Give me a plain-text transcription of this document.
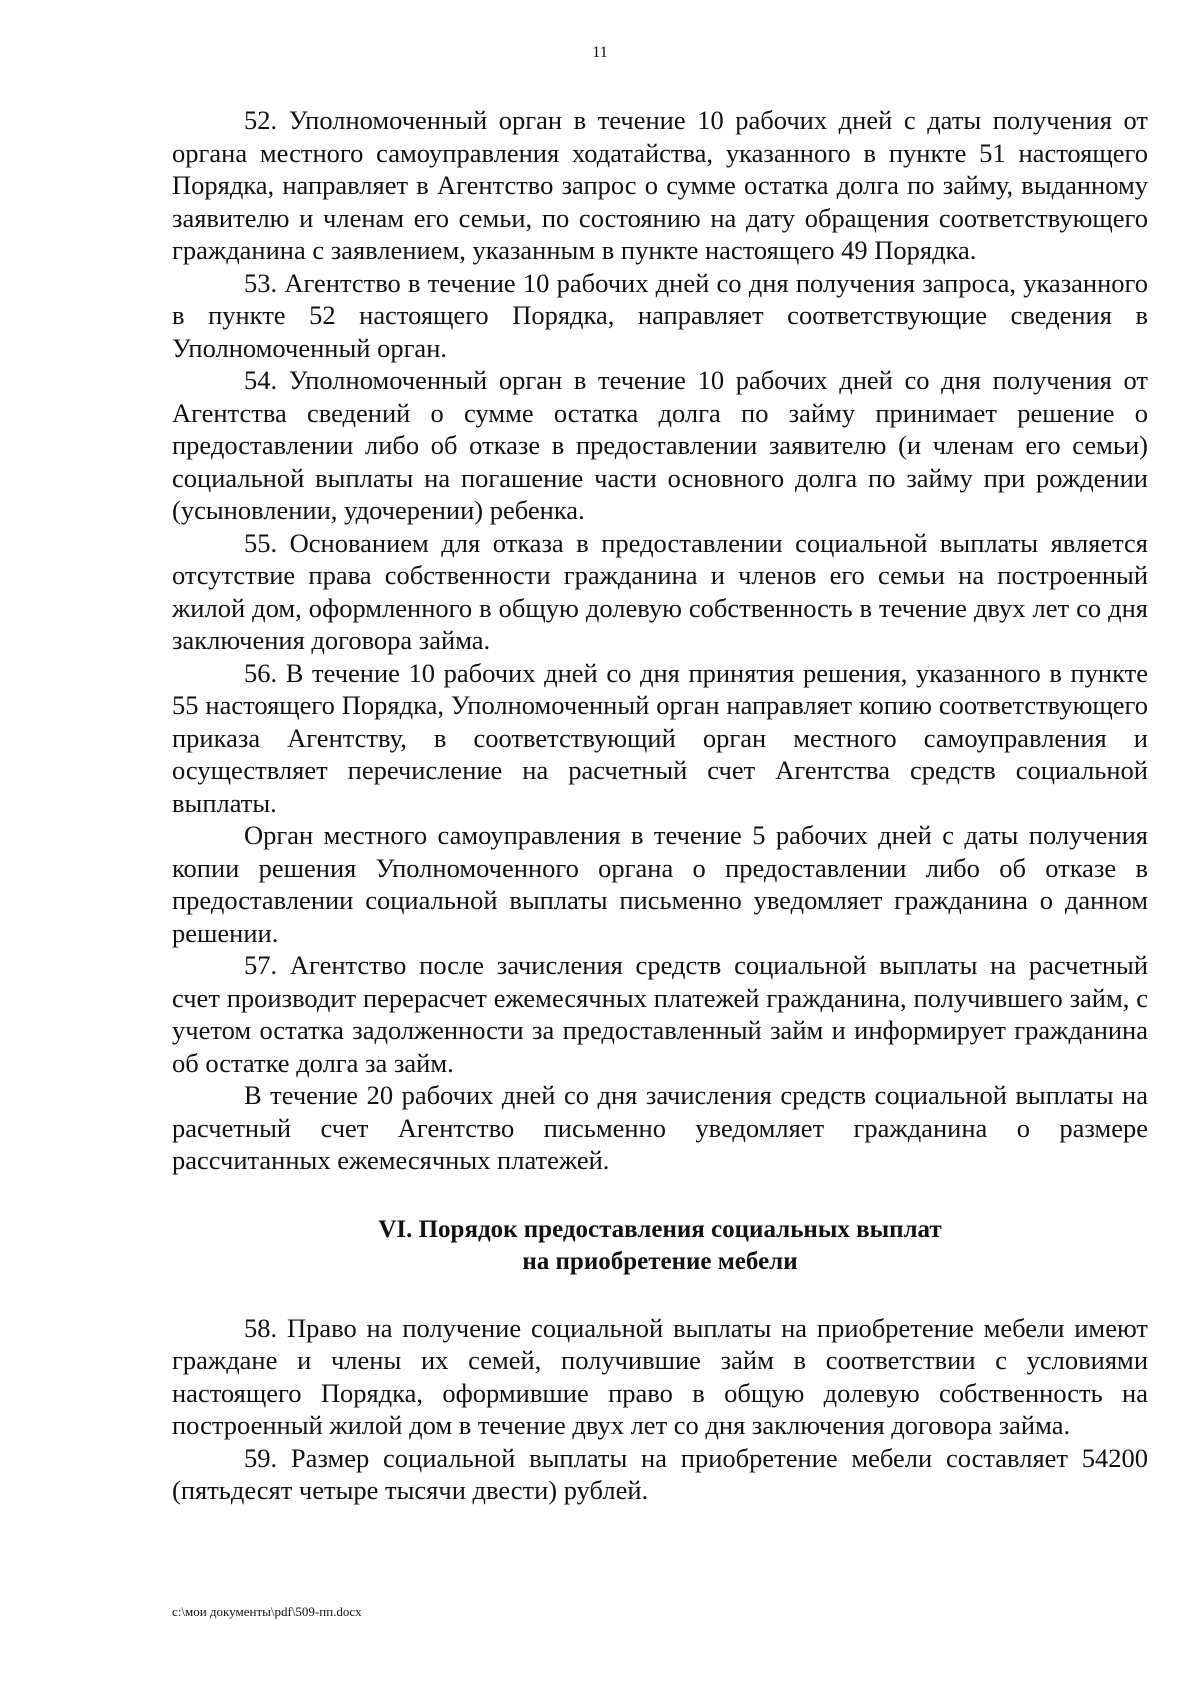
11

52. Уполномоченный орган в течение 10 рабочих дней с даты получения от органа местного самоуправления ходатайства, указанного в пункте 51 настоящего Порядка, направляет в Агентство запрос о сумме остатка долга по займу, выданному заявителю и членам его семьи, по состоянию на дату обращения соответствующего гражданина с заявлением, указанным в пункте настоящего 49 Порядка.

53. Агентство в течение 10 рабочих дней со дня получения запроса, указанного в пункте 52 настоящего Порядка, направляет соответствующие сведения в Уполномоченный орган.

54. Уполномоченный орган в течение 10 рабочих дней со дня получения от Агентства сведений о сумме остатка долга по займу принимает решение о предоставлении либо об отказе в предоставлении заявителю (и членам его семьи) социальной выплаты на погашение части основного долга по займу при рождении (усыновлении, удочерении) ребенка.

55. Основанием для отказа в предоставлении социальной выплаты является отсутствие права собственности гражданина и членов его семьи на построенный жилой дом, оформленного в общую долевую собственность в течение двух лет со дня заключения договора займа.

56. В течение 10 рабочих дней со дня принятия решения, указанного в пункте 55 настоящего Порядка, Уполномоченный орган направляет копию соответствующего приказа Агентству, в соответствующий орган местного самоуправления и осуществляет перечисление на расчетный счет Агентства средств социальной выплаты.

Орган местного самоуправления в течение 5 рабочих дней с даты получения копии решения Уполномоченного органа о предоставлении либо об отказе в предоставлении социальной выплаты письменно уведомляет гражданина о данном решении.

57. Агентство после зачисления средств социальной выплаты на расчетный счет производит перерасчет ежемесячных платежей гражданина, получившего займ, с учетом остатка задолженности за предоставленный займ и информирует гражданина об остатке долга за займ.

В течение 20 рабочих дней со дня зачисления средств социальной выплаты на расчетный счет Агентство письменно уведомляет гражданина о размере рассчитанных ежемесячных платежей.

VI. Порядок предоставления социальных выплат
на приобретение мебели

58. Право на получение социальной выплаты на приобретение мебели имеют граждане и члены их семей, получившие займ в соответствии с условиями настоящего Порядка, оформившие право в общую долевую собственность на построенный жилой дом в течение двух лет со дня заключения договора займа.

59. Размер социальной выплаты на приобретение мебели составляет 54200 (пятьдесят четыре тысячи двести) рублей.

c:\мои документы\pdf\509-пп.docx
